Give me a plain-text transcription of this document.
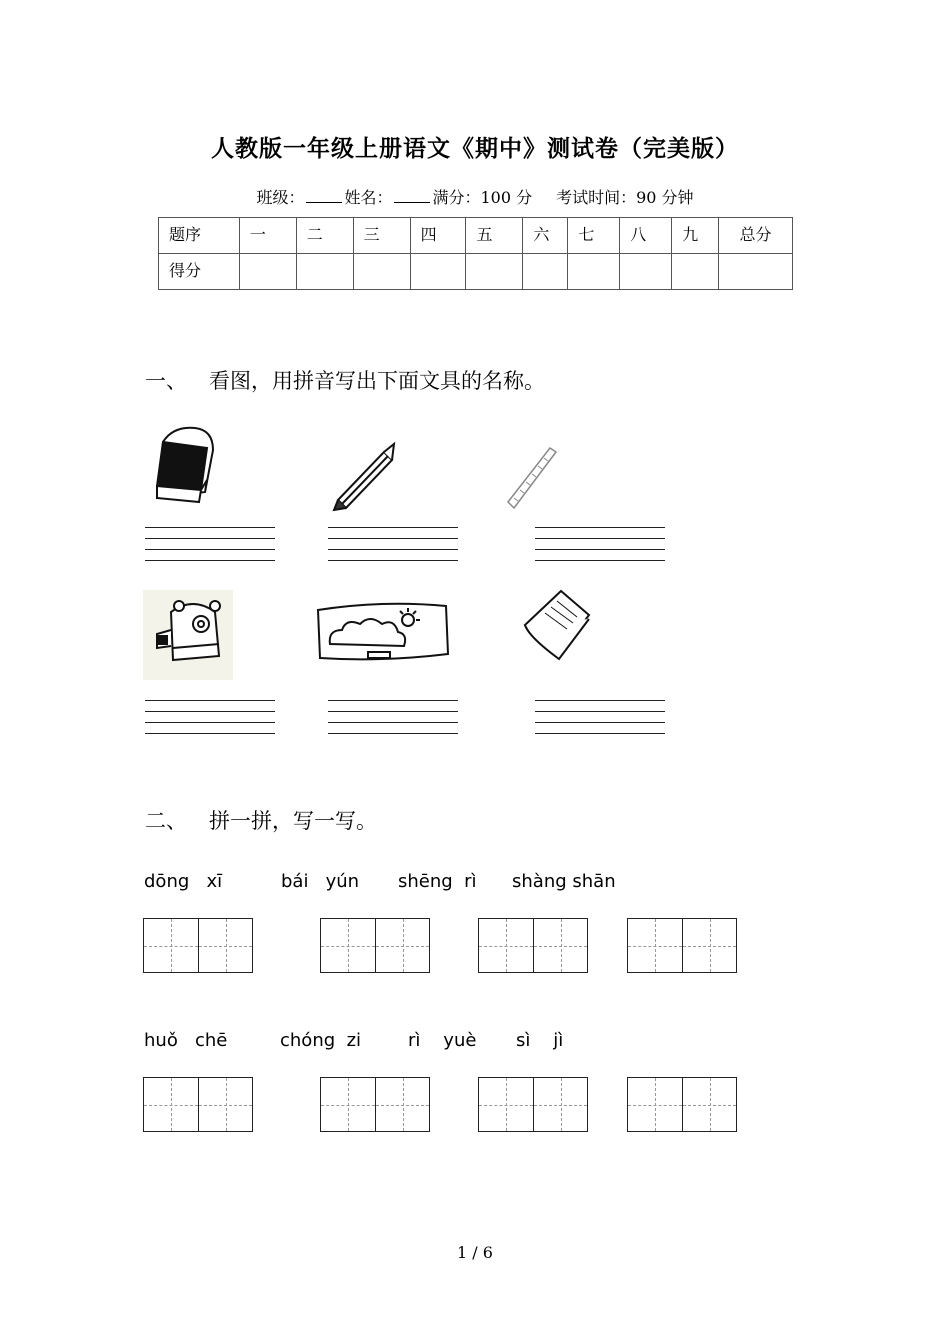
人教版一年级上册语文《期中》测试卷（完美版）
班级：	姓名：	满分：100 分 考试时间：90 分钟
题序	一	二	三	四	五	六	七	八	九	总分
得分										
一、 看图，用拼音写出下面文具的名称。
二、 拼一拼，写一写。
dōng   xī	bái   yún shēng  rì shàng shān
huǒ   chē	chóng  zi	rì    yuè sì    jì
1 / 6
